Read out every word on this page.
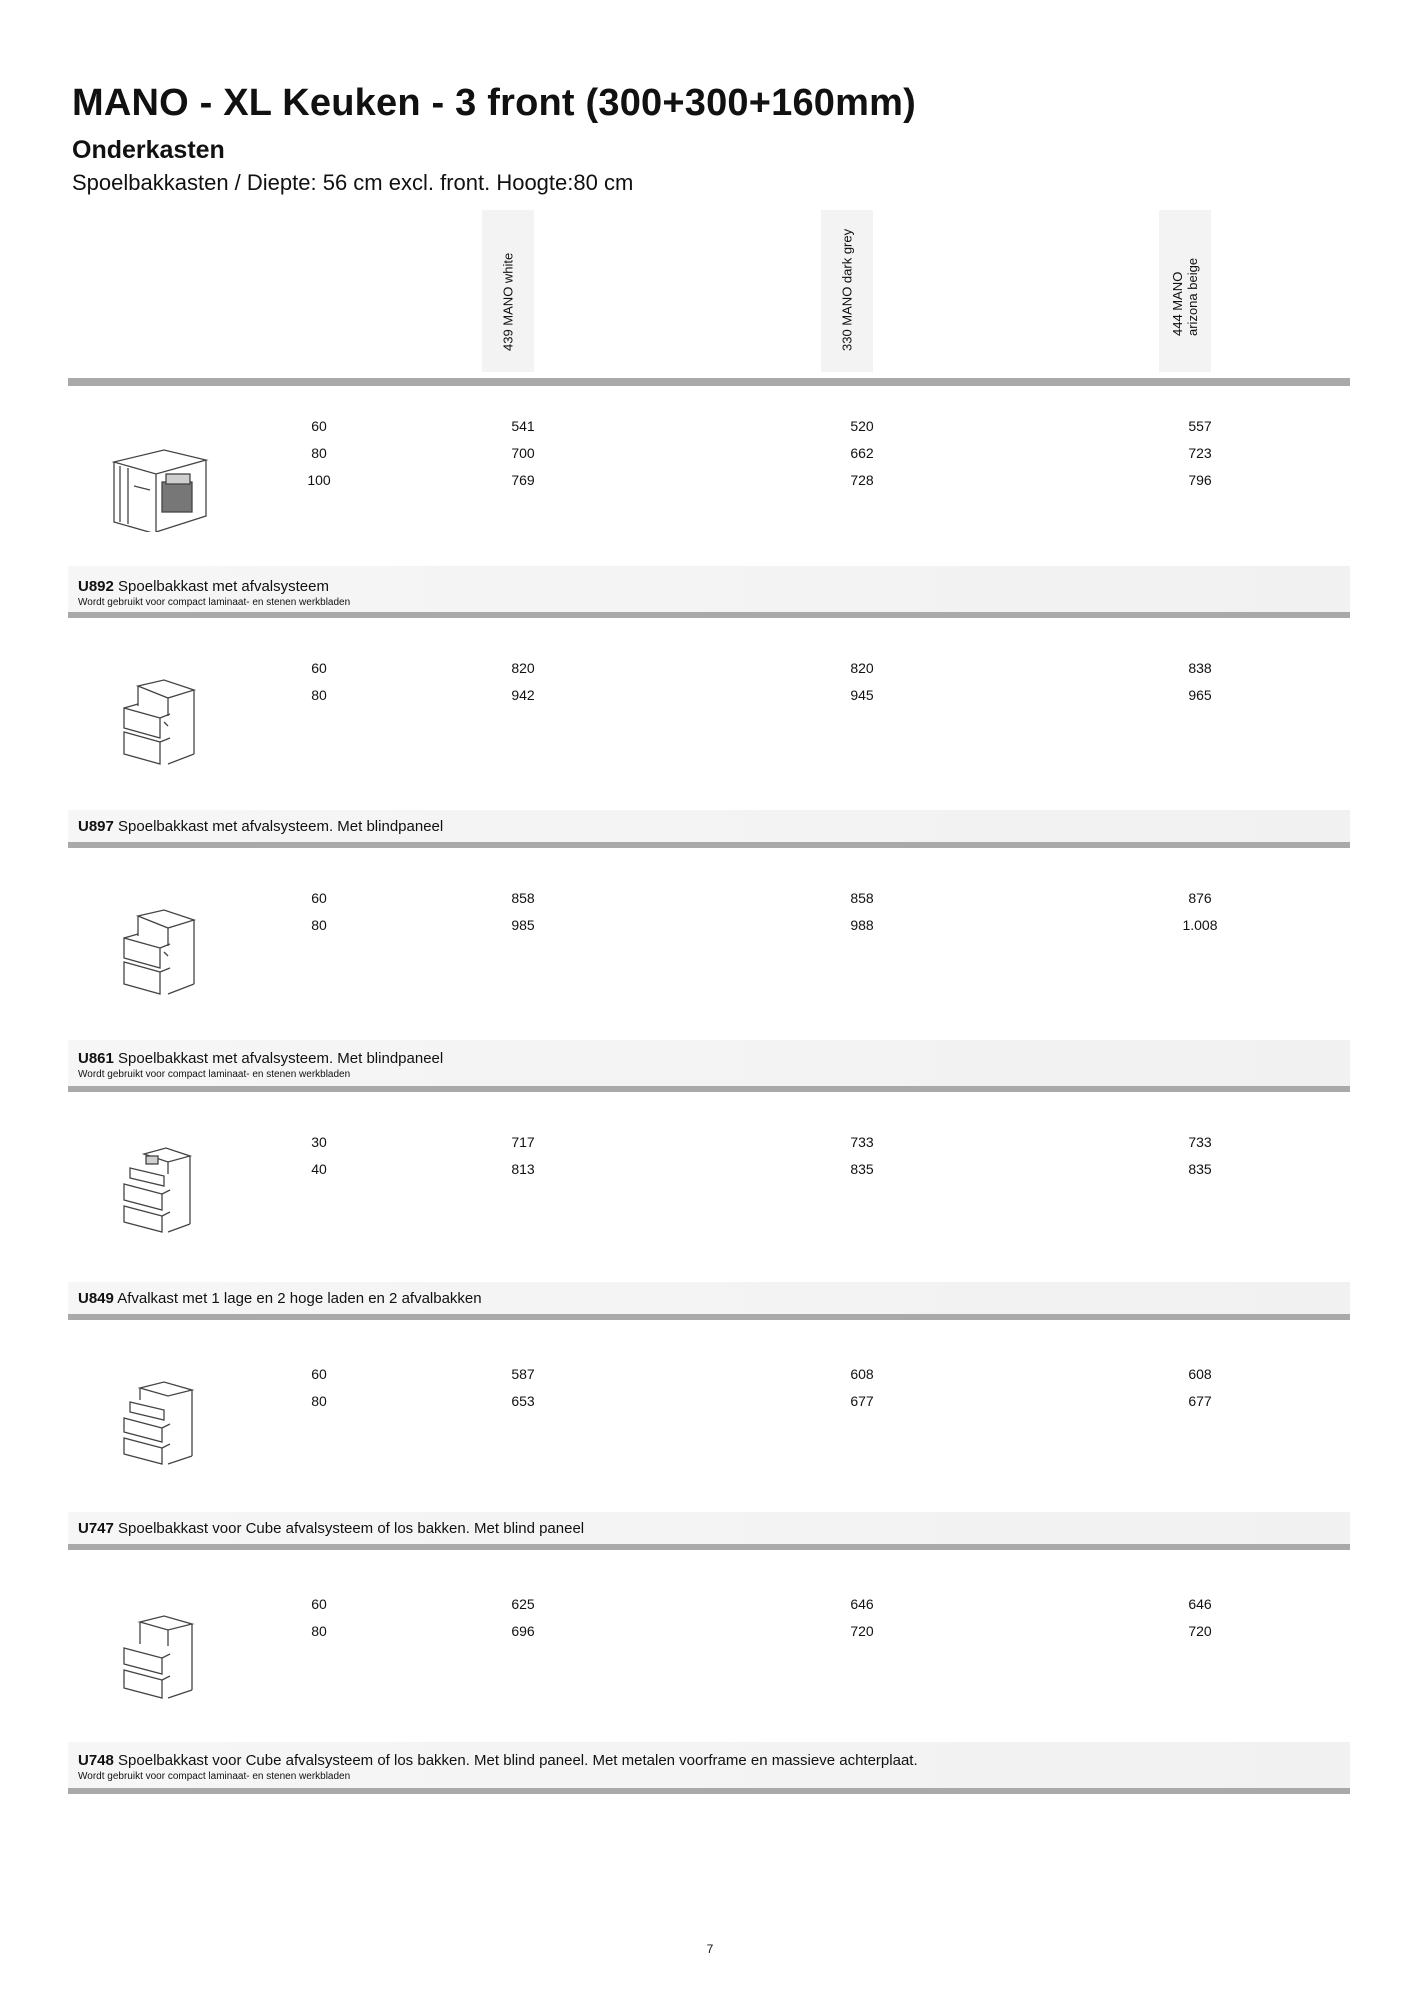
MANO - XL Keuken - 3 front (300+300+160mm)
Onderkasten

Spoelbakkasten / Diepte: 56 cm excl. front. Hoogte:80 cm

439 MANO white	330 MANO dark grey	444 MANO arizona beige
60	541	520	557
80	700	662	723
100	769	728	796
U892 Spoelbakkast met afvalsysteem
Wordt gebruikt voor compact laminaat- en stenen werkbladen
60	820	820	838
80	942	945	965
U897 Spoelbakkast met afvalsysteem. Met blindpaneel
60	858	858	876
80	985	988	1.008
U861 Spoelbakkast met afvalsysteem. Met blindpaneel
Wordt gebruikt voor compact laminaat- en stenen werkbladen
30	717	733	733
40	813	835	835
U849 Afvalkast met 1 lage en 2 hoge laden en 2 afvalbakken
60	587	608	608
80	653	677	677
U747 Spoelbakkast voor Cube afvalsysteem of los bakken. Met blind paneel
60	625	646	646
80	696	720	720
U748 Spoelbakkast voor Cube afvalsysteem of los bakken. Met blind paneel. Met metalen voorframe en massieve achterplaat.
Wordt gebruikt voor compact laminaat- en stenen werkbladen
7
